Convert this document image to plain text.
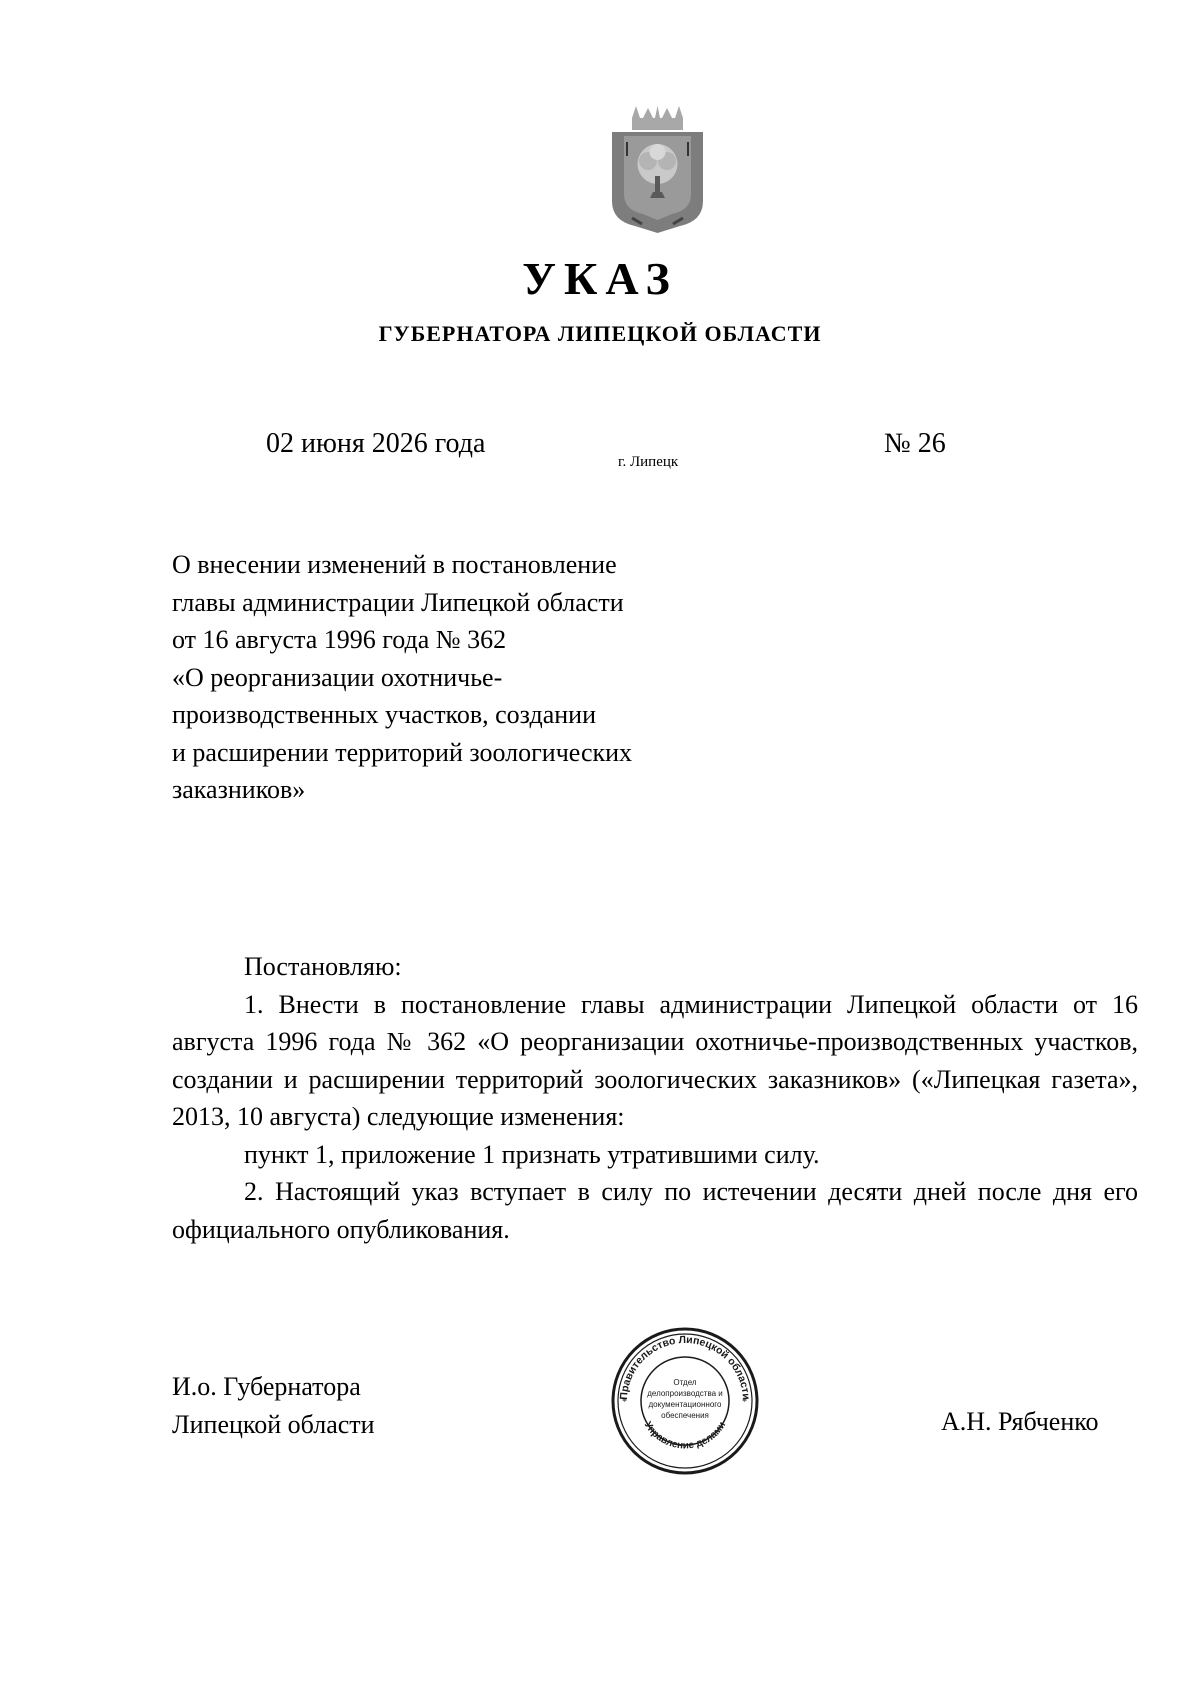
УКАЗ
ГУБЕРНАТОРА ЛИПЕЦКОЙ ОБЛАСТИ
02 июня 2026 года
г. Липецк
№ 26
О внесении изменений в постановление
главы администрации Липецкой области
от 16 августа 1996 года № 362
«О реорганизации охотничье-
производственных участков, создании
и расширении территорий зоологических
заказников»

Постановляю:

1. Внести в постановление главы администрации Липецкой области от 16 августа 1996 года № 362 «О реорганизации охотничье-производственных участков, создании и расширении территорий зоологических заказников» («Липецкая газета», 2013, 10 августа) следующие изменения:

пункт 1, приложение 1 признать утратившими силу.

2. Настоящий указ вступает в силу по истечении десяти дней после дня его официального опубликования.

И.о. Губернатора
Липецкой области	А.Н. Рябченко
Правительство Липецкой области
Управление делами
*	*
Отдел
делопроизводства и
документационного
обеспечения
